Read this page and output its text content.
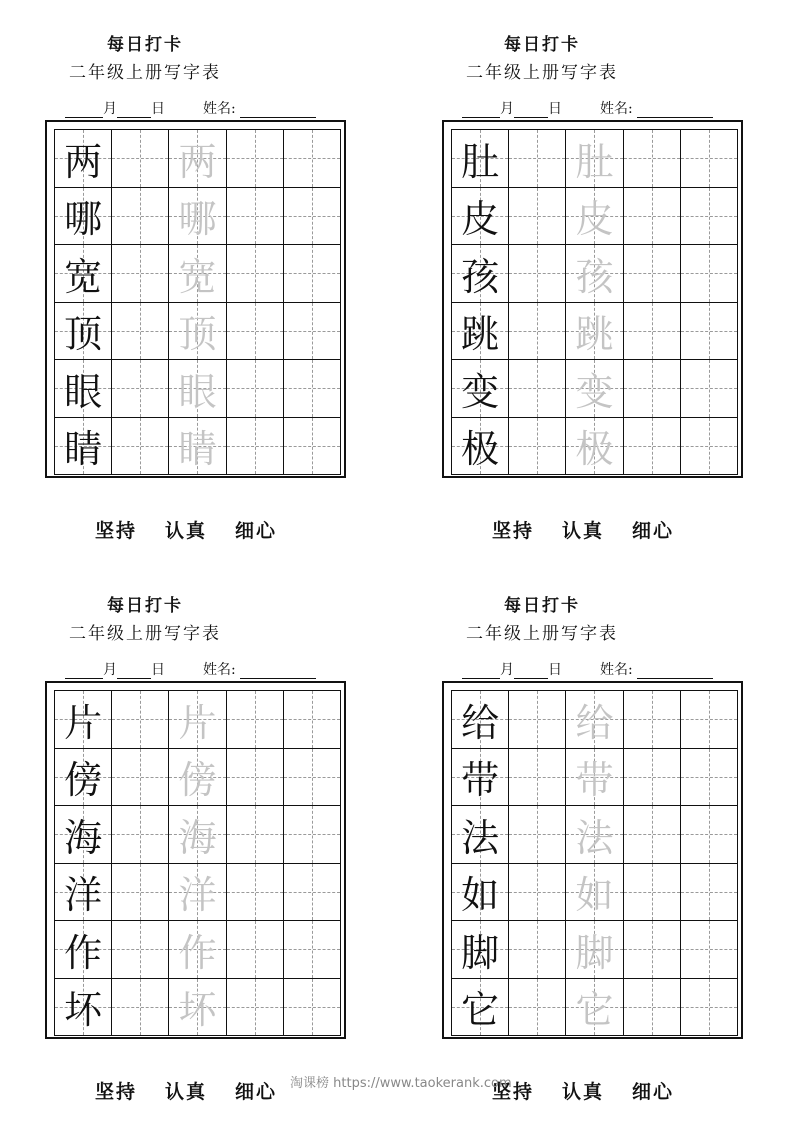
每日打卡
二年级上册写字表
月 日	姓名:
两 两
哪 哪
宽 宽
顶 顶
眼 眼
睛 睛
坚持 认真 细心
每日打卡
二年级上册写字表
月 日	姓名:
肚 肚
皮 皮
孩 孩
跳 跳
变 变
极 极
坚持 认真 细心
每日打卡
二年级上册写字表
月 日	姓名:
片 片
傍 傍
海 海
洋 洋
作 作
坏 坏
坚持 认真 细心
每日打卡
二年级上册写字表
月 日	姓名:
给 给
带 带
法 法
如 如
脚 脚
它 它
坚持 认真 细心
淘课榜 https://www.taokerank.com
